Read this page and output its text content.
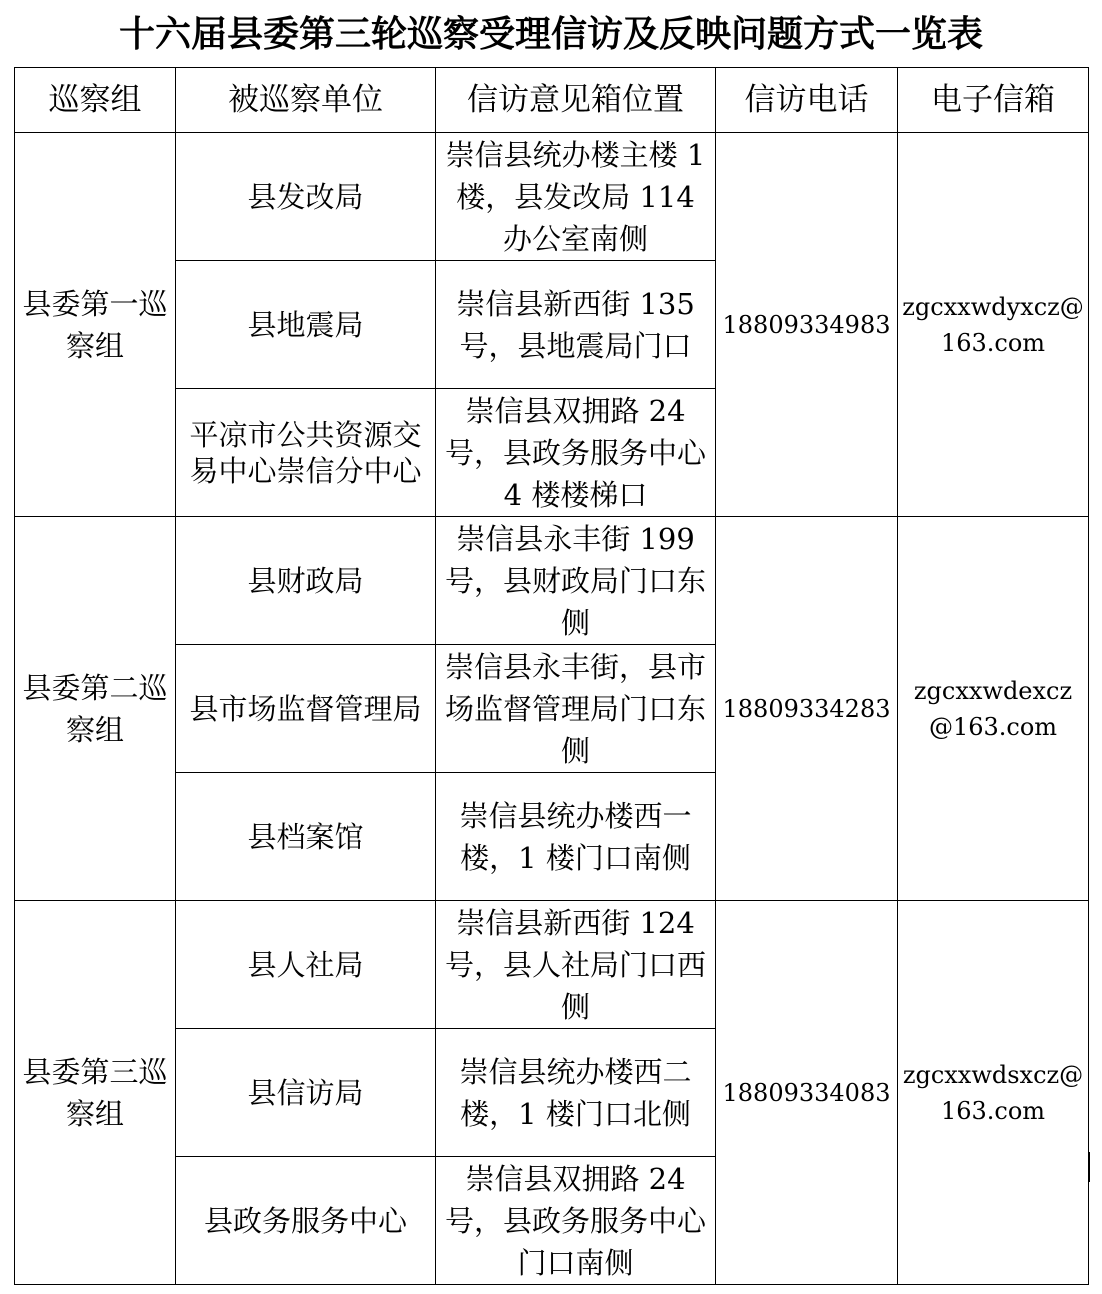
十六届县委第三轮巡察受理信访及反映问题方式一览表
巡察组	被巡察单位	信访意见箱位置	信访电话	电子信箱

县委第一巡察组	县发改局	崇信县统办楼主楼 1 楼，县发改局 114 办公室南侧	18809334983	zgcxxwdyxcz@163.com

	县地震局	崇信县新西街 135 号，县地震局门口		

	平凉市公共资源交易中心崇信分中心	崇信县双拥路 24 号，县政务服务中心 4 楼楼梯口		

县委第二巡察组	县财政局	崇信县永丰街 199 号，县财政局门口东侧	18809334283	zgcxxwdexcz@163.com

	县市场监督管理局	崇信县永丰街，县市场监督管理局门口东侧		

	县档案馆	崇信县统办楼西一楼，1 楼门口南侧		

县委第三巡察组	县人社局	崇信县新西街 124 号，县人社局门口西侧	18809334083	zgcxxwdsxcz@163.com

	县信访局	崇信县统办楼西二楼，1 楼门口北侧		

	县政务服务中心	崇信县双拥路 24 号，县政务服务中心门口南侧		
